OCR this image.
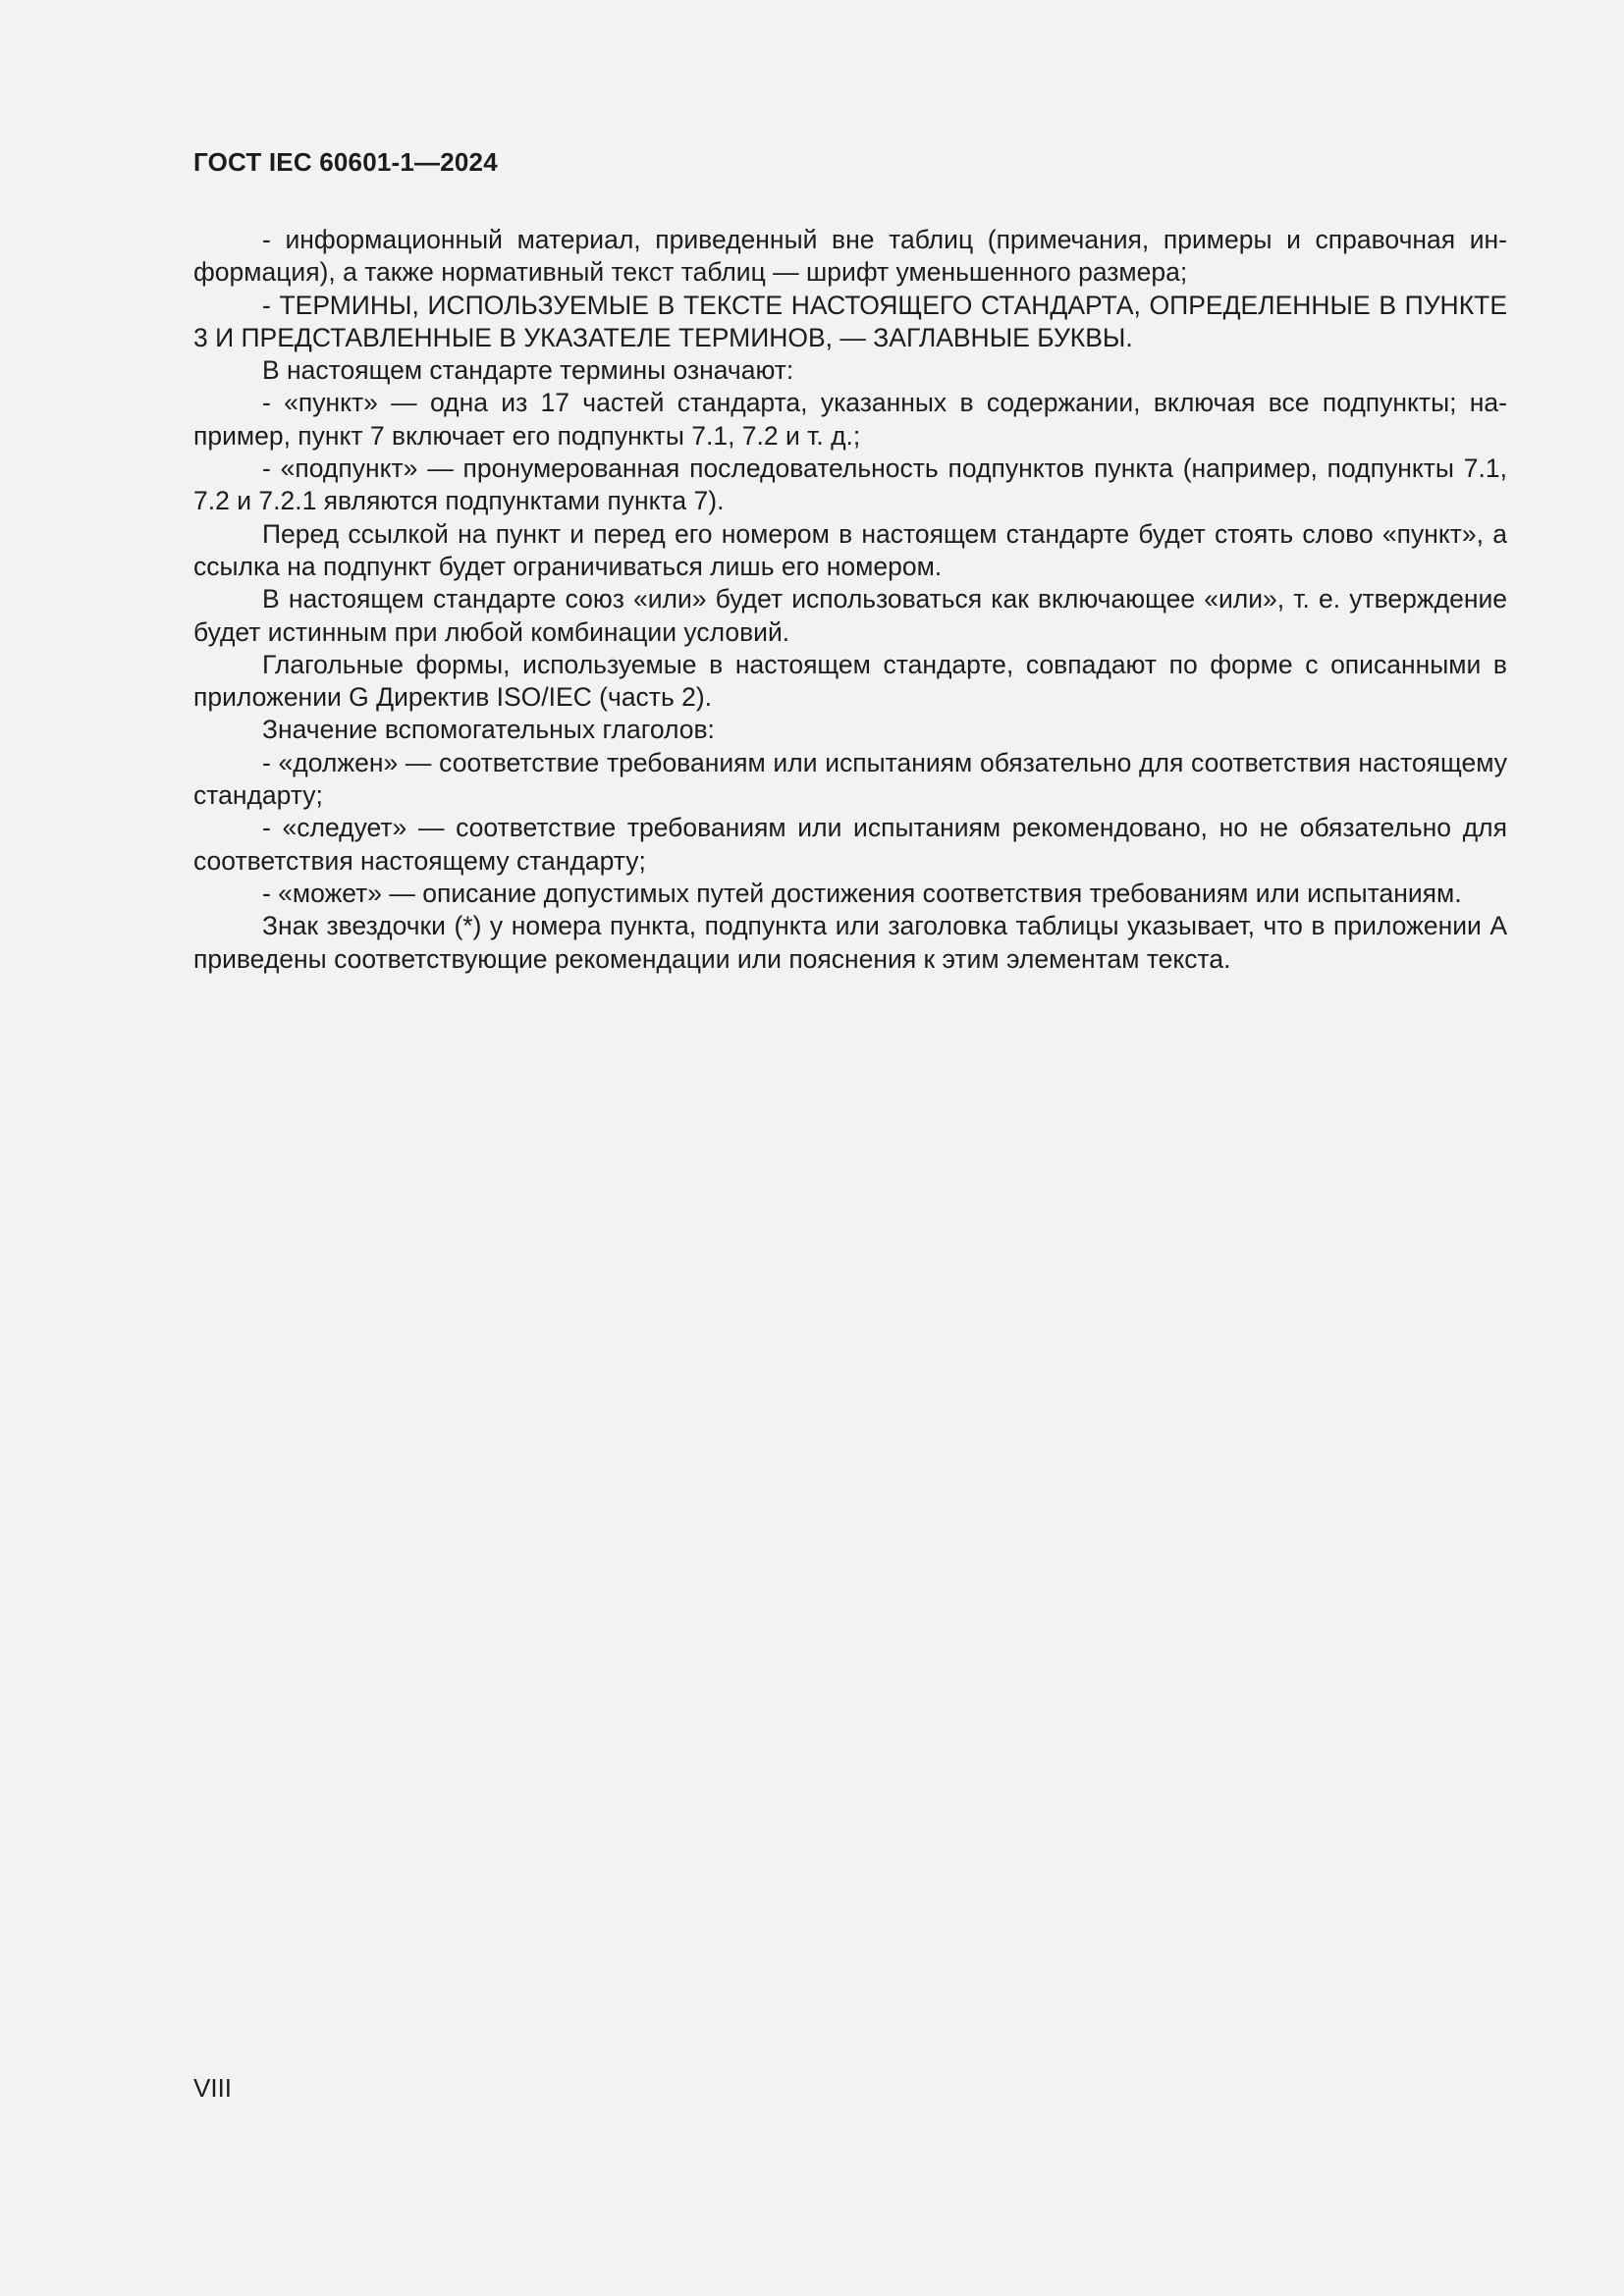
ГОСТ IEC 60601-1—2024

- информационный материал, приведенный вне таблиц (примечания, примеры и справочная информация), а также нормативный текст таблиц — шрифт уменьшенного размера;

- ТЕРМИНЫ, ИСПОЛЬЗУЕМЫЕ В ТЕКСТЕ НАСТОЯЩЕГО СТАНДАРТА, ОПРЕДЕЛЕННЫЕ В ПУНКТЕ 3 И ПРЕДСТАВЛЕННЫЕ В УКАЗАТЕЛЕ ТЕРМИНОВ, — ЗАГЛАВНЫЕ БУКВЫ.

В настоящем стандарте термины означают:

- «пункт» — одна из 17 частей стандарта, указанных в содержании, включая все подпункты; например, пункт 7 включает его подпункты 7.1, 7.2 и т. д.;

- «подпункт» — пронумерованная последовательность подпунктов пункта (например, подпункты 7.1, 7.2 и 7.2.1 являются подпунктами пункта 7).

Перед ссылкой на пункт и перед его номером в настоящем стандарте будет стоять слово «пункт», а ссылка на подпункт будет ограничиваться лишь его номером.

В настоящем стандарте союз «или» будет использоваться как включающее «или», т. е. утверждение будет истинным при любой комбинации условий.

Глагольные формы, используемые в настоящем стандарте, совпадают по форме с описанными в приложении G Директив ISO/IEC (часть 2).

Значение вспомогательных глаголов:

- «должен» — соответствие требованиям или испытаниям обязательно для соответствия настоящему стандарту;

- «следует» — соответствие требованиям или испытаниям рекомендовано, но не обязательно для соответствия настоящему стандарту;

- «может» — описание допустимых путей достижения соответствия требованиям или испытаниям.

Знак звездочки (*) у номера пункта, подпункта или заголовка таблицы указывает, что в приложении А приведены соответствующие рекомендации или пояснения к этим элементам текста.

VIII
